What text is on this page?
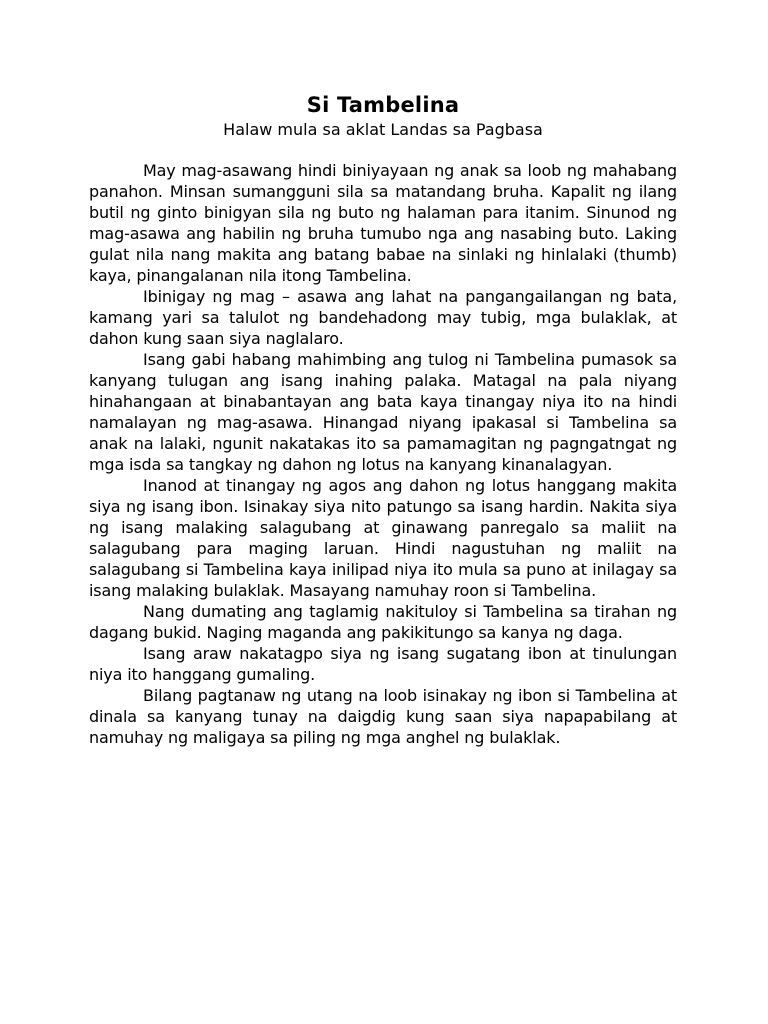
Si Tambelina
Halaw mula sa aklat Landas sa Pagbasa

May mag-asawang hindi biniyayaan ng anak sa loob ng mahabang panahon. Minsan sumangguni sila sa matandang bruha. Kapalit ng ilang butil ng ginto binigyan sila ng buto ng halaman para itanim. Sinunod ng mag-asawa ang habilin ng bruha tumubo nga ang nasabing buto. Laking gulat nila nang makita ang batang babae na sinlaki ng hinlalaki (thumb) kaya, pinangalanan nila itong Tambelina.

Ibinigay ng mag – asawa ang lahat na pangangailangan ng bata, kamang yari sa talulot ng bandehadong may tubig, mga bulaklak, at dahon kung saan siya naglalaro.

Isang gabi habang mahimbing ang tulog ni Tambelina pumasok sa kanyang tulugan ang isang inahing palaka. Matagal na pala niyang hinahangaan at binabantayan ang bata kaya tinangay niya ito na hindi namalayan ng mag-asawa. Hinangad niyang ipakasal si Tambelina sa anak na lalaki, ngunit nakatakas ito sa pamamagitan ng pagngatngat ng mga isda sa tangkay ng dahon ng lotus na kanyang kinanalagyan.

Inanod at tinangay ng agos ang dahon ng lotus hanggang makita siya ng isang ibon. Isinakay siya nito patungo sa isang hardin. Nakita siya ng isang malaking salagubang at ginawang panregalo sa maliit na salagubang para maging laruan. Hindi nagustuhan ng maliit na salagubang si Tambelina kaya inilipad niya ito mula sa puno at inilagay sa isang malaking bulaklak. Masayang namuhay roon si Tambelina.

Nang dumating ang taglamig nakituloy si Tambelina sa tirahan ng dagang bukid. Naging maganda ang pakikitungo sa kanya ng daga.

Isang araw nakatagpo siya ng isang sugatang ibon at tinulungan niya ito hanggang gumaling.

Bilang pagtanaw ng utang na loob isinakay ng ibon si Tambelina at dinala sa kanyang tunay na daigdig kung saan siya napapabilang at namuhay ng maligaya sa piling ng mga anghel ng bulaklak.
